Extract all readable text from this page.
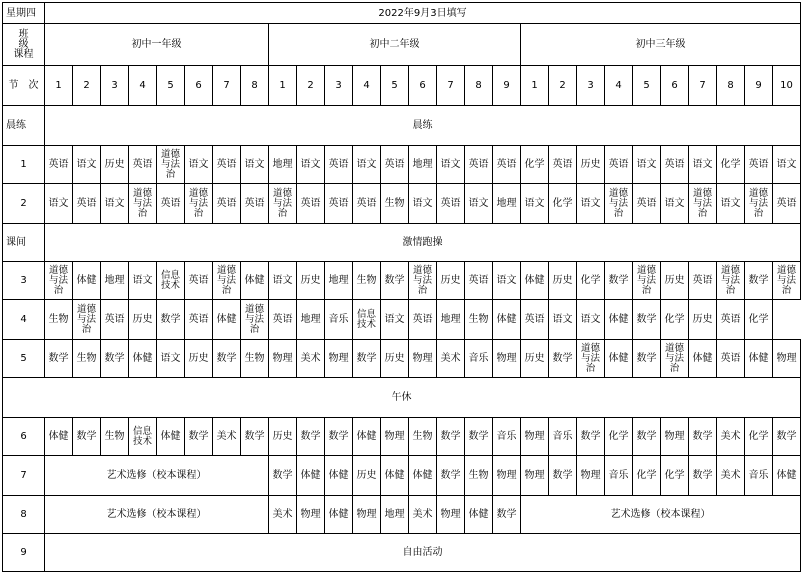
星期四	2022年9月3日填写																										

班
级
课程	初中一年级								初中二年级									初中三年级									
节　次	1	2	3	4	5	6	7	8	1	2	3	4	5	6	7	8	9	1	2	3	4	5	6	7	8	9	10
晨练	晨练																										
1	英语	语文	历史	英语	道德与法治	语文	英语	语文	地理	语文	英语	语文	英语	地理	语文	英语	英语	化学	英语	历史	英语	语文	英语	语文	化学	英语	语文
2	语文	英语	语文	道德与法治	英语	道德与法治	英语	英语	道德与法治	英语	英语	英语	生物	语文	英语	语文	地理	语文	化学	语文	道德与法治	英语	语文	道德与法治	语文	道德与法治	英语
课间	激情跑操																										
3	道德与法治	体健	地理	语文	信息技术	英语	道德与法治	体健	语文	历史	地理	生物	数学	道德与法治	历史	英语	语文	体健	历史	化学	数学	道德与法治	历史	英语	道德与法治	数学	道德与法治
4	生物	道德与法治	英语	历史	数学	英语	体健	道德与法治	英语	地理	音乐	信息技术	语文	英语	地理	生物	体健	英语	语文	语文	体健	数学	化学	历史	英语	化学	
5	数学	生物	数学	体健	语文	历史	数学	生物	物理	美术	物理	数学	历史	物理	美术	音乐	物理	历史	数学	道德与法治	体健	数学	道德与法治	体健	英语	体健	物理
午休																											
6	体健	数学	生物	信息技术	体健	数学	美术	数学	历史	数学	数学	体健	物理	生物	数学	数学	音乐	物理	音乐	数学	化学	数学	物理	数学	美术	化学	数学
7	艺术选修（校本课程）								数学	体健	体健	历史	体健	体健	数学	生物	物理	物理	数学	物理	音乐	化学	化学	数学	美术	音乐	体健
8	艺术选修（校本课程）								美术	物理	体健	物理	地理	美术	物理	体健	数学	艺术选修（校本课程）									
9	自由活动																										
